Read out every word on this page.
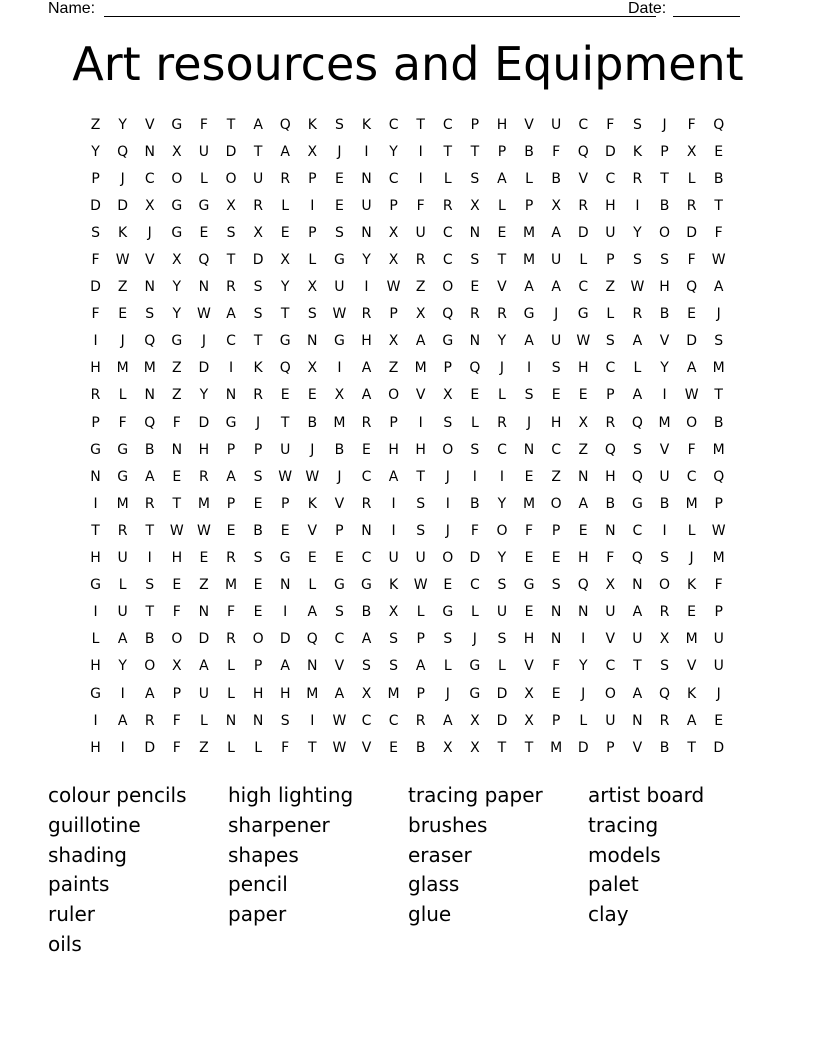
Name:	Date:
Art resources and Equipment
Z	Y	V	G	F	T	A	Q	K	S	K	C	T	C	P	H	V	U	C	F	S	J	F	Q
Y	Q	N	X	U	D	T	A	X	J	I	Y	I	T	T	P	B	F	Q	D	K	P	X	E
P	J	C	O	L	O	U	R	P	E	N	C	I	L	S	A	L	B	V	C	R	T	L	B
D	D	X	G	G	X	R	L	I	E	U	P	F	R	X	L	P	X	R	H	I	B	R	T
S	K	J	G	E	S	X	E	P	S	N	X	U	C	N	E	M	A	D	U	Y	O	D	F
F	W	V	X	Q	T	D	X	L	G	Y	X	R	C	S	T	M	U	L	P	S	S	F	W
D	Z	N	Y	N	R	S	Y	X	U	I	W	Z	O	E	V	A	A	C	Z	W	H	Q	A
F	E	S	Y	W	A	S	T	S	W	R	P	X	Q	R	R	G	J	G	L	R	B	E	J
I	J	Q	G	J	C	T	G	N	G	H	X	A	G	N	Y	A	U	W	S	A	V	D	S
H	M	M	Z	D	I	K	Q	X	I	A	Z	M	P	Q	J	I	S	H	C	L	Y	A	M
R	L	N	Z	Y	N	R	E	E	X	A	O	V	X	E	L	S	E	E	P	A	I	W	T
P	F	Q	F	D	G	J	T	B	M	R	P	I	S	L	R	J	H	X	R	Q	M	O	B
G	G	B	N	H	P	P	U	J	B	E	H	H	O	S	C	N	C	Z	Q	S	V	F	M
N	G	A	E	R	A	S	W W	J	C	A	T	J	I	I	E	Z	N	H	Q	U	C	Q
I	M	R	T	M	P	E	P	K	V	R	I	S	I	B	Y	M	O	A	B	G	B	M	P
T	R	T	W W	E	B	E	V	P	N	I	S	J	F	O	F	P	E	N	C	I	L	W
H	U	I	H	E	R	S	G	E	E	C	U	U	O	D	Y	E	E	H	F	Q	S	J	M
G	L	S	E	Z	M	E	N	L	G	G	K	W	E	C	S	G	S	Q	X	N	O	K	F
I	U	T	F	N	F	E	I	A	S	B	X	L	G	L	U	E	N	N	U	A	R	E	P
L	A	B	O	D	R	O	D	Q	C	A	S	P	S	J	S	H	N	I	V	U	X	M	U
H	Y	O	X	A	L	P	A	N	V	S	S	A	L	G	L	V	F	Y	C	T	S	V	U
G	I	A	P	U	L	H	H	M	A	X	M	P	J	G	D	X	E	J	O	A	Q	K	J
I	A	R	F	L	N	N	S	I	W	C	C	R	A	X	D	X	P	L	U	N	R	A	E
H	I	D	F	Z	L	L	F	T	W	V	E	B	X	X	T	T	M	D	P	V	B	T	D
colour pencils	high lighting	tracing paper	artist board
guillotine	sharpener	brushes	tracing
shading	shapes	eraser	models
paints	pencil	glass	palet
ruler	paper	glue	clay
oils
